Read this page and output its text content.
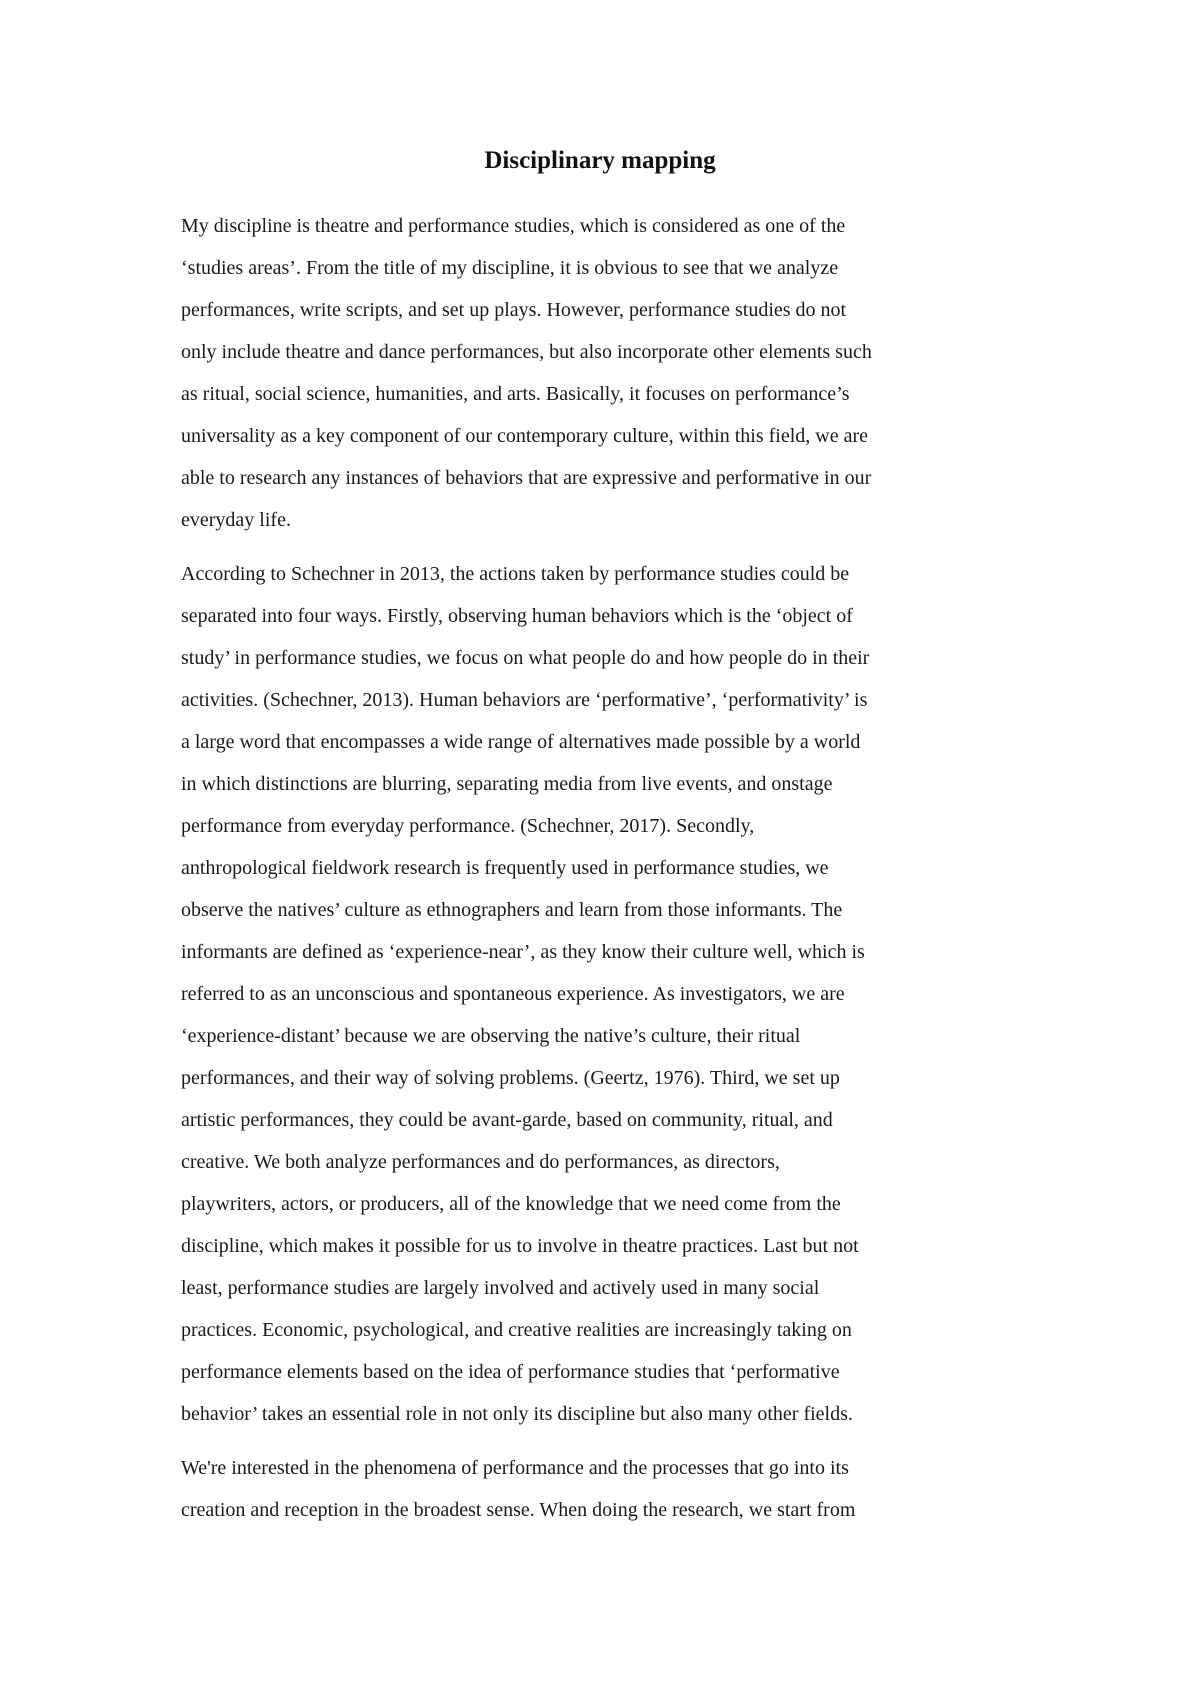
Disciplinary mapping

My discipline is theatre and performance studies, which is considered as one of the
‘studies areas’. From the title of my discipline, it is obvious to see that we analyze
performances, write scripts, and set up plays. However, performance studies do not
only include theatre and dance performances, but also incorporate other elements such
as ritual, social science, humanities, and arts. Basically, it focuses on performance’s
universality as a key component of our contemporary culture, within this field, we are
able to research any instances of behaviors that are expressive and performative in our
everyday life.

According to Schechner in 2013, the actions taken by performance studies could be
separated into four ways. Firstly, observing human behaviors which is the ‘object of
study’ in performance studies, we focus on what people do and how people do in their
activities. (Schechner, 2013). Human behaviors are ‘performative’, ‘performativity’ is
a large word that encompasses a wide range of alternatives made possible by a world
in which distinctions are blurring, separating media from live events, and onstage
performance from everyday performance. (Schechner, 2017). Secondly,
anthropological fieldwork research is frequently used in performance studies, we
observe the natives’ culture as ethnographers and learn from those informants. The
informants are defined as ‘experience-near’, as they know their culture well, which is
referred to as an unconscious and spontaneous experience. As investigators, we are
‘experience-distant’ because we are observing the native’s culture, their ritual
performances, and their way of solving problems. (Geertz, 1976). Third, we set up
artistic performances, they could be avant-garde, based on community, ritual, and
creative. We both analyze performances and do performances, as directors,
playwriters, actors, or producers, all of the knowledge that we need come from the
discipline, which makes it possible for us to involve in theatre practices. Last but not
least, performance studies are largely involved and actively used in many social
practices. Economic, psychological, and creative realities are increasingly taking on
performance elements based on the idea of performance studies that ‘performative
behavior’ takes an essential role in not only its discipline but also many other fields.

We're interested in the phenomena of performance and the processes that go into its
creation and reception in the broadest sense. When doing the research, we start from
